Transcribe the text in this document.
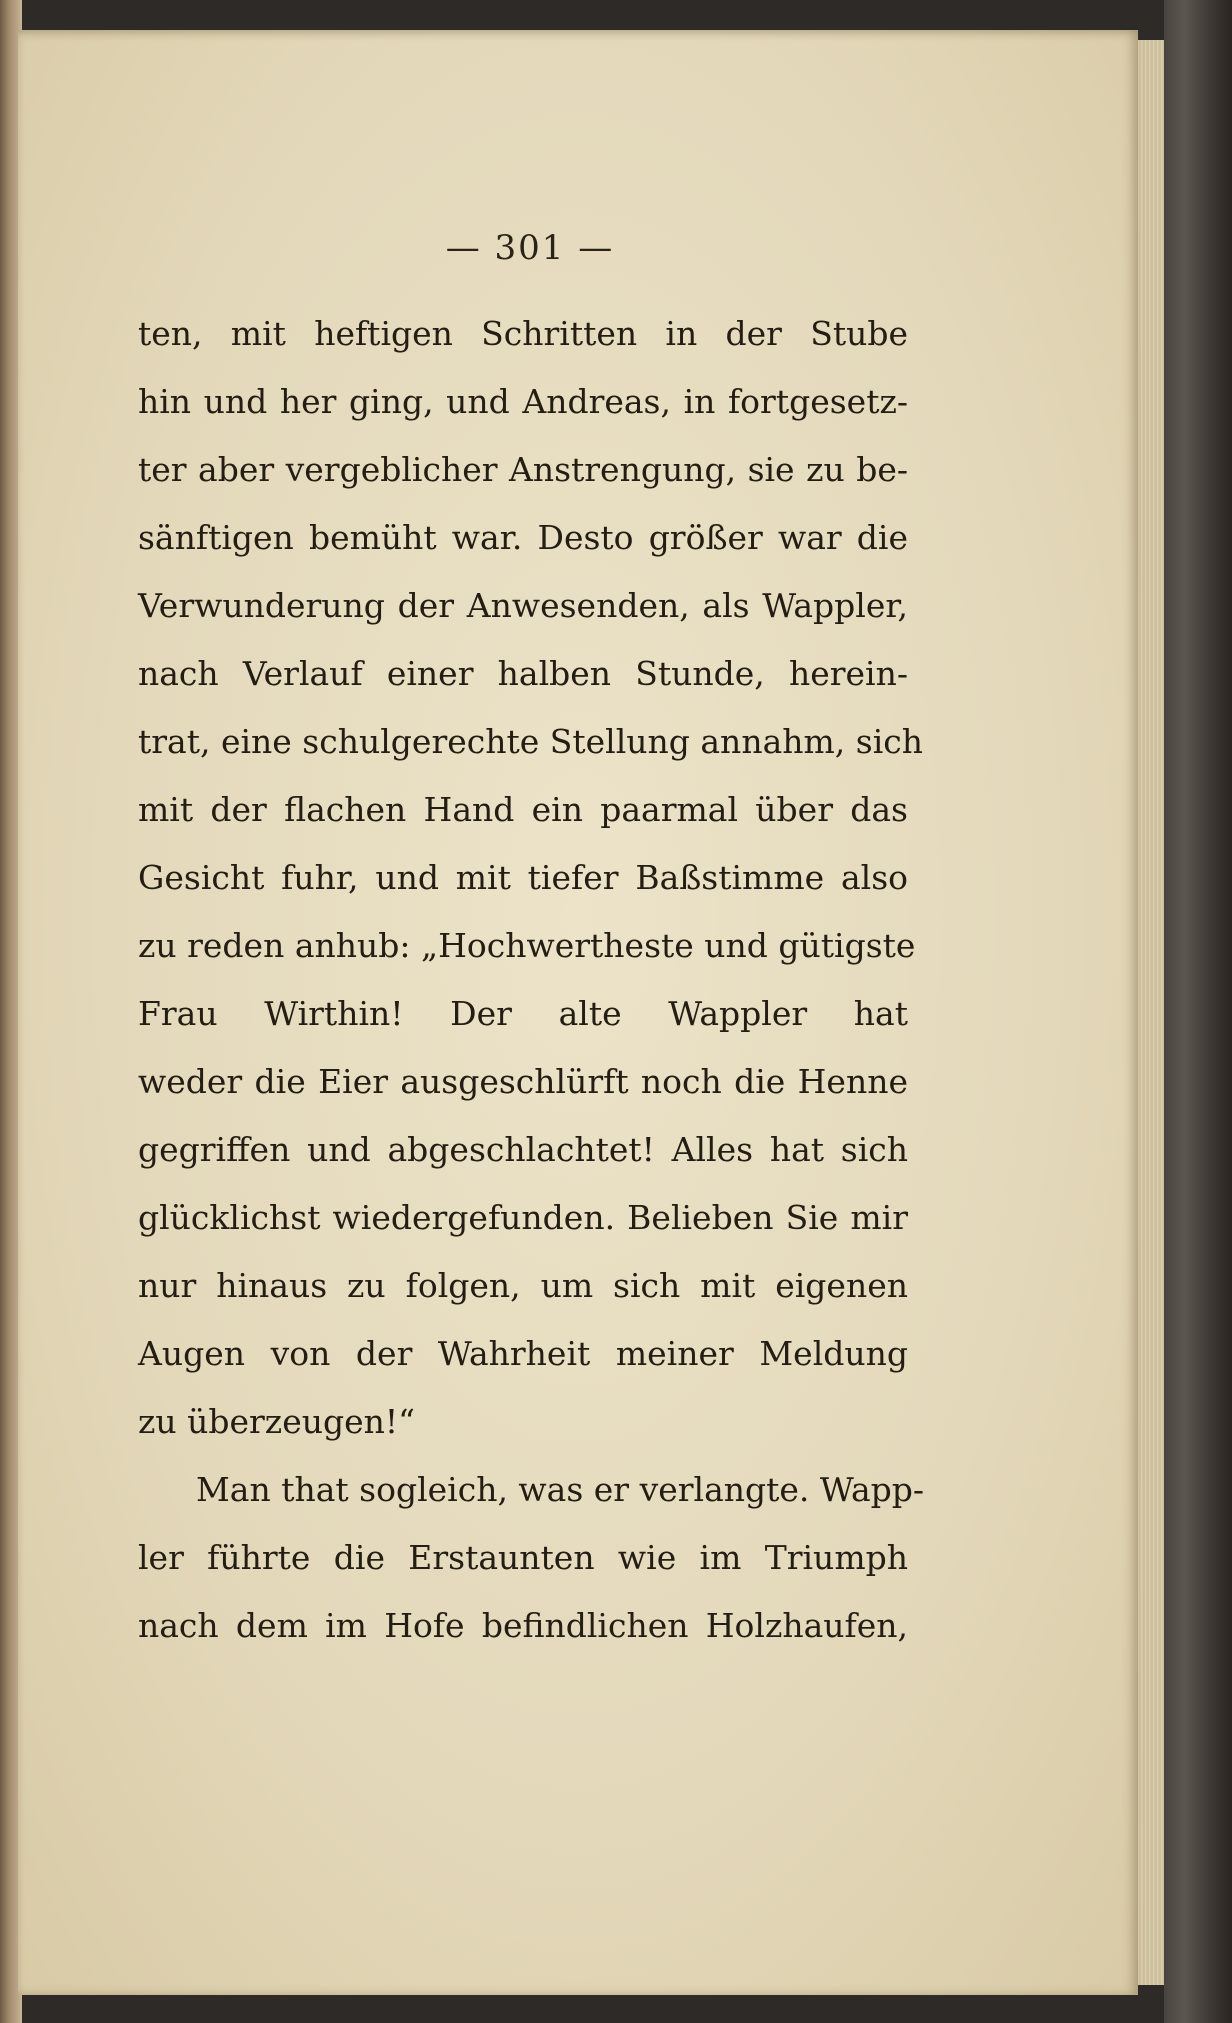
— 301 —
ten, mit heftigen Schritten in der Stube
hin und her ging, und Andreas, in fortgesetz-
ter aber vergeblicher Anstrengung, sie zu be-
sänftigen bemüht war. Desto größer war die
Verwunderung der Anwesenden, als Wappler,
nach Verlauf einer halben Stunde, herein-
trat, eine schulgerechte Stellung annahm, sich
mit der flachen Hand ein paarmal über das
Gesicht fuhr, und mit tiefer Baßstimme also
zu reden anhub: „Hochwertheste und gütigste
Frau Wirthin! Der alte Wappler hat
weder die Eier ausgeschlürft noch die Henne
gegriffen und abgeschlachtet! Alles hat sich
glücklichst wiedergefunden. Belieben Sie mir
nur hinaus zu folgen, um sich mit eigenen
Augen von der Wahrheit meiner Meldung
zu überzeugen!“
Man that sogleich, was er verlangte. Wapp-
ler führte die Erstaunten wie im Triumph
nach dem im Hofe befindlichen Holzhaufen,
